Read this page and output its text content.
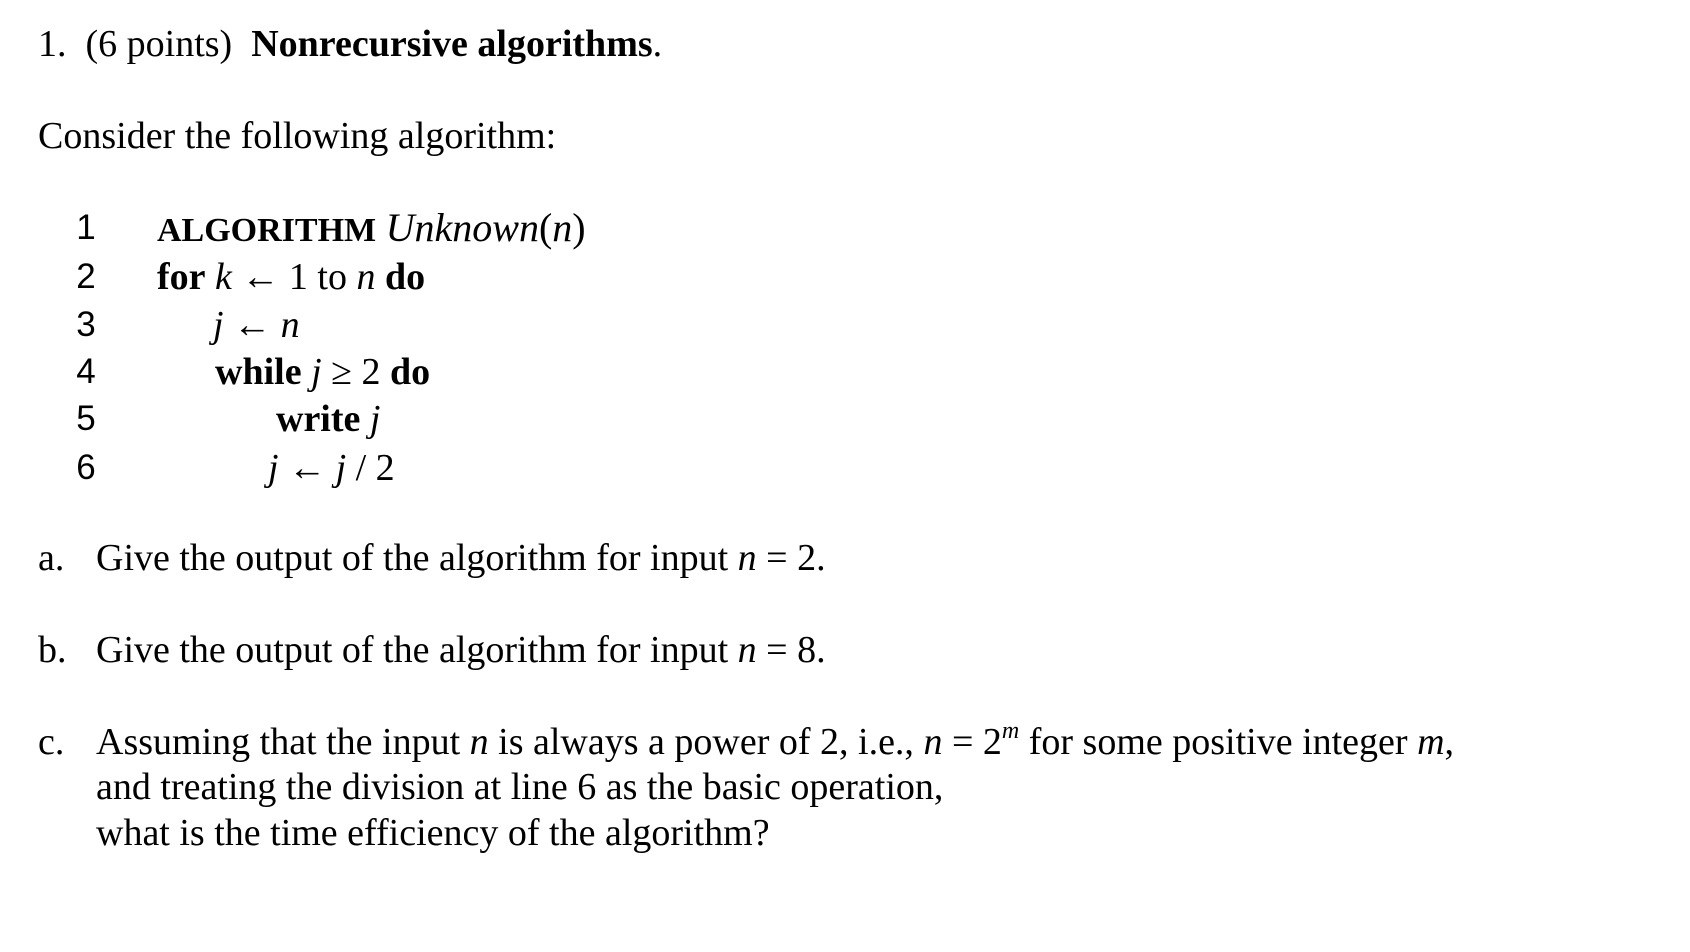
1. (6 points) Nonrecursive algorithms.
Consider the following algorithm:
1
2
3
4
5
6
ALGORITHM Unknown(n)
for k ← 1 to n do
j ← n
while j ≥ 2 do
write j
j ← j / 2
a. Give the output of the algorithm for input n = 2.
b. Give the output of the algorithm for input n = 8.
c. Assuming that the input n is always a power of 2, i.e., $n = 2^m$ for some positive integer m,
and treating the division at line 6 as the basic operation,
what is the time efficiency of the algorithm?
